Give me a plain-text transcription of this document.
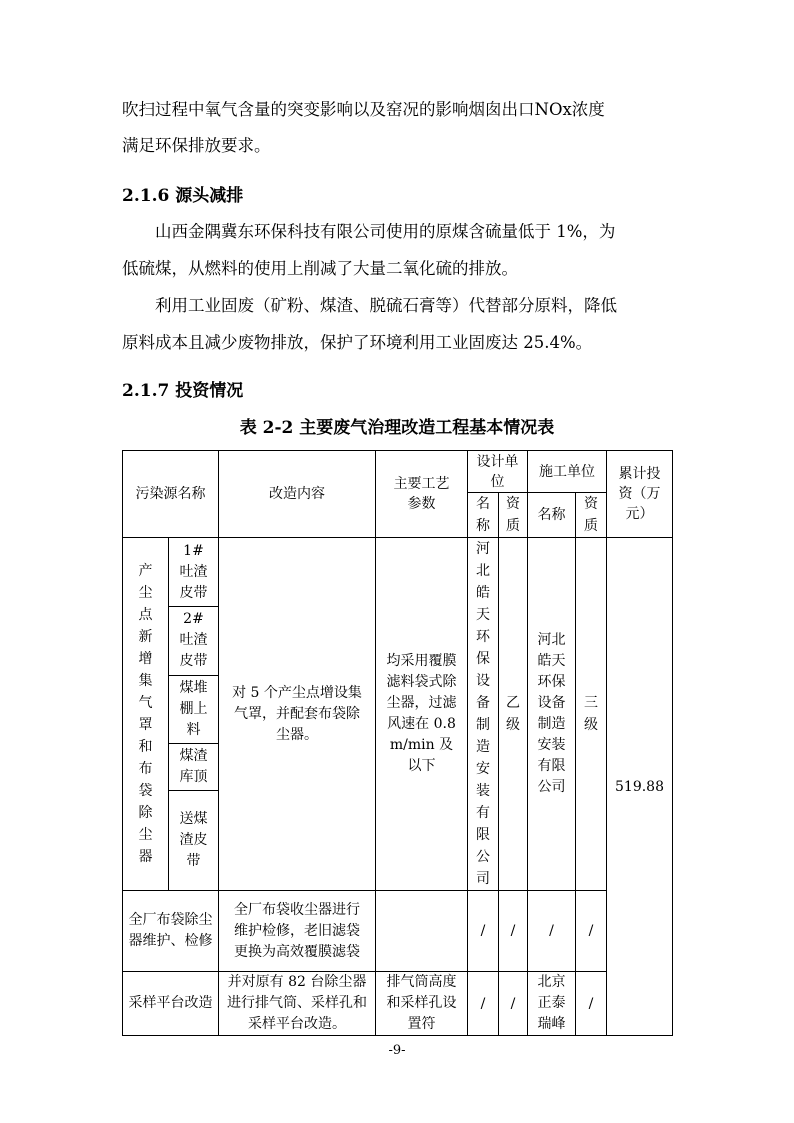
吹扫过程中氧气含量的突变影响以及窑况的影响烟囱出口NOx浓度

满足环保排放要求。

2.1.6 源头减排

山西金隅冀东环保科技有限公司使用的原煤含硫量低于 1%，为

低硫煤，从燃料的使用上削减了大量二氧化硫的排放。

利用工业固废（矿粉、煤渣、脱硫石膏等）代替部分原料，降低

原料成本且减少废物排放，保护了环境利用工业固废达 25.4%。

2.1.7 投资情况

表 2-2 主要废气治理改造工程基本情况表

污染源名称		改造内容	主要工艺参数	设计单位		施工单位		累计投资（万元）

				名称	资质	名称	资质	
产尘点新增集气罩和布袋除尘器	1#吐渣皮带	对 5 个产尘点增设集气罩，并配套布袋除尘器。	均采用覆膜滤料袋式除尘器，过滤风速在 0.8m/min 及以下	河北皓天环保设备制造安装有限公司	乙级	河北皓天环保设备制造安装有限公司	三级	519.88

	2#吐渣皮带							

	煤堆棚上料							

	煤渣库顶							

	送煤渣皮带							

全厂布袋除尘器维护、检修		全厂布袋收尘器进行维护检修，老旧滤袋更换为高效覆膜滤袋		/	/	/	/	

采样平台改造		并对原有 82 台除尘器进行排气筒、采样孔和采样平台改造。	排气筒高度和采样孔设置符	/	/	北京正泰瑞峰	/	
-9-
